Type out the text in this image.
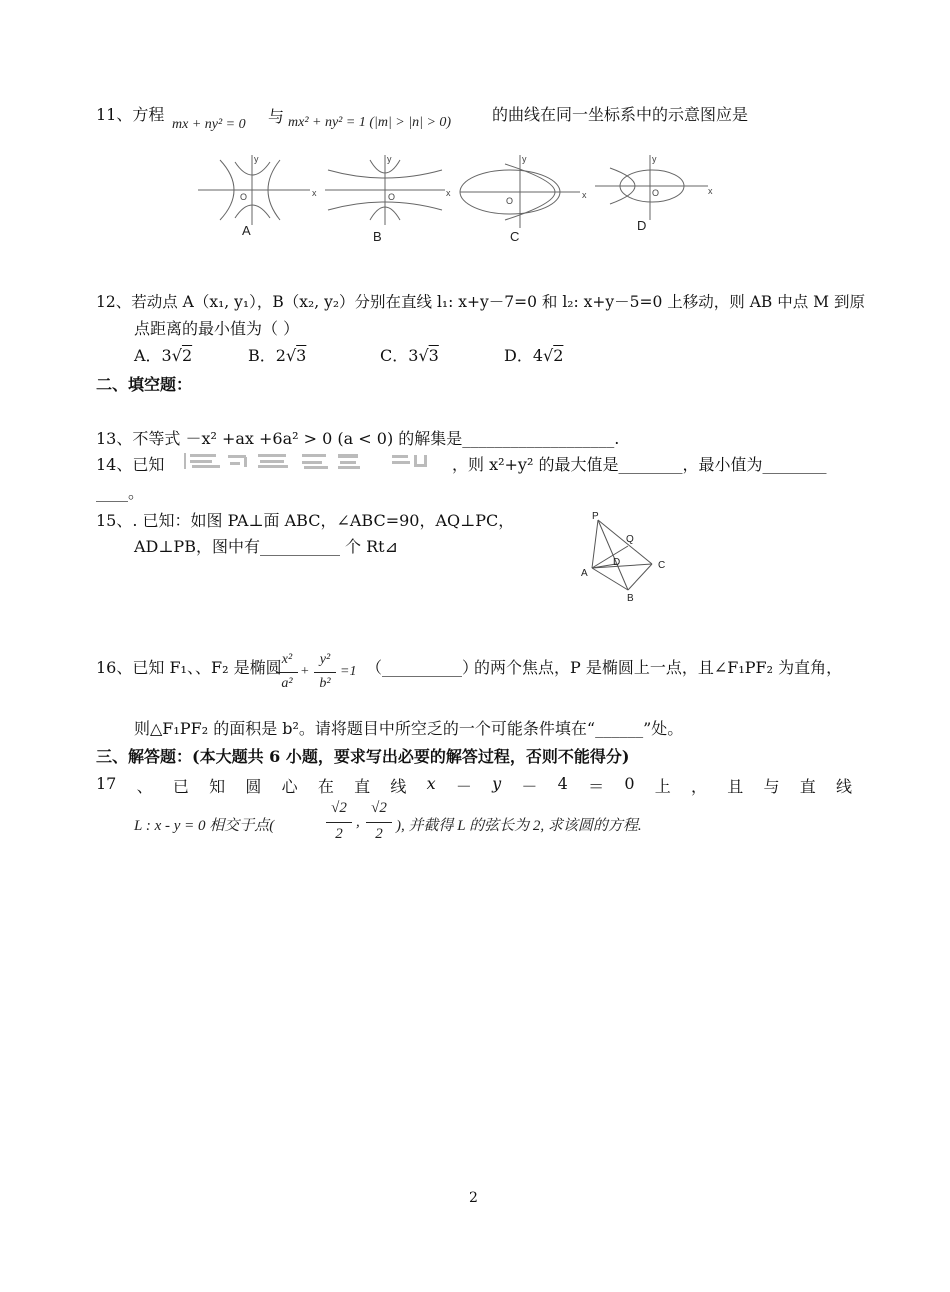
11、方程
mx + ny² = 0 与 mx² + ny² = 1 (|m| > |n| > 0)	的曲线在同一坐标系中的示意图应是
y
x
O
y
x
O
y
x
O
y
x
O
A	B	C
D
12、若动点 A（x₁, y₁），B（x₂, y₂）分别在直线 l₁: x+y－7=0 和 l₂: x+y－5=0 上移动，则 AB 中点 M 到原
点距离的最小值为（ ）
A．3√2	B．2√3	C．3√3	D．4√2
二、填空题：
13、不等式 －x² +ax +6a² > 0 (a < 0) 的解集是___________________.
14、已知	，则 x²+y² 的最大值是________，最小值为________
____。
15、. 已知：如图 PA⊥面 ABC，∠ABC=90，AQ⊥PC，
AD⊥PB，图中有__________ 个 Rt⊿
P
Q
D
A
C
B
16、已知 F₁、、F₂ 是椭圆 x²
a²
+
y²
b²
=1 （__________）
的两个焦点，P 是椭圆上一点，且∠F₁PF₂ 为直角，
则△F₁PF₂ 的面积是 b²。请将题目中所空乏的一个可能条件填在“______”处。
三、解答题：(本大题共 6 小题，要求写出必要的解答过程，否则不能得分)
17 、 已 知 圆 心 在 直 线 x － y － 4 ＝ 0 上 ， 且 与 直 线
L : x - y = 0 相交于点(
√2
2
,
√2
2 ), 并截得 L 的弦长为 2, 求该圆的方程.
2
